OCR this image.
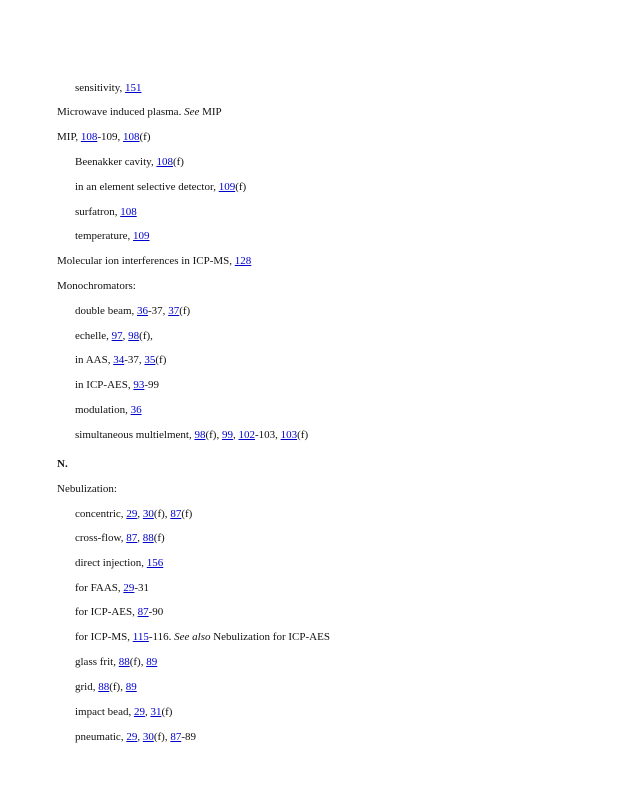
sensitivity, 151
Microwave induced plasma. See MIP
MIP, 108-109, 108(f)
Beenakker cavity, 108(f)
in an element selective detector, 109(f)
surfatron, 108
temperature, 109
Molecular ion interferences in ICP-MS, 128
Monochromators:
double beam, 36-37, 37(f)
echelle, 97, 98(f),
in AAS, 34-37, 35(f)
in ICP-AES, 93-99
modulation, 36
simultaneous multielment, 98(f), 99, 102-103, 103(f)
N.
Nebulization:
concentric, 29, 30(f), 87(f)
cross-flow, 87, 88(f)
direct injection, 156
for FAAS, 29-31
for ICP-AES, 87-90
for ICP-MS, 115-116. See also Nebulization for ICP-AES
glass frit, 88(f), 89
grid, 88(f), 89
impact bead, 29, 31(f)
pneumatic, 29, 30(f), 87-89
